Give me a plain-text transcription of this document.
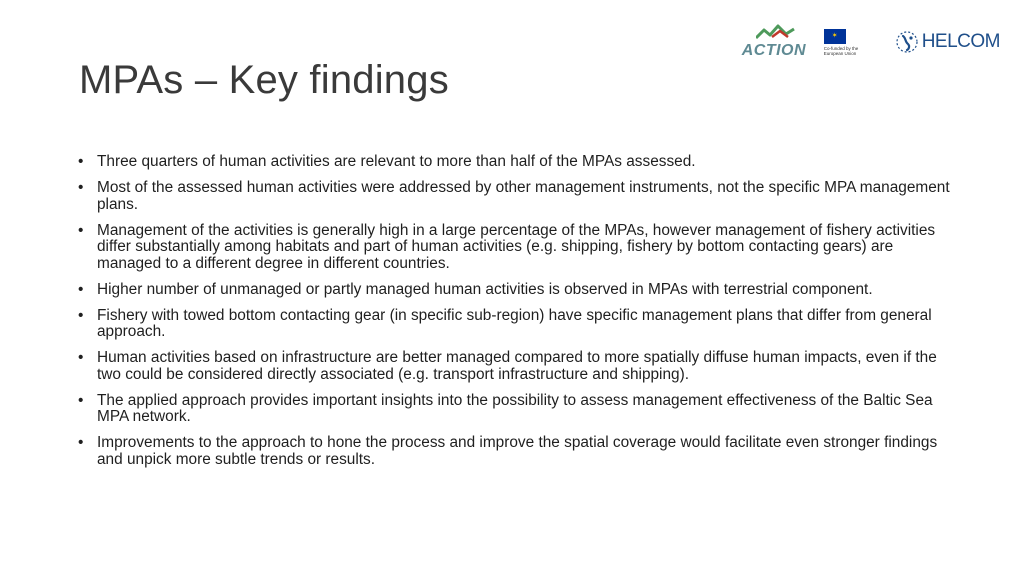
ACTION
✶
Co-funded by the European Union
HELCOM
MPAs – Key findings
• Three quarters of human activities are relevant to more than half of the MPAs assessed.
• Most of the assessed human activities were addressed by other management instruments, not the specific MPA management plans.
• Management of the activities is generally high in a large percentage of the MPAs, however management of fishery activities differ substantially among habitats and part of human activities (e.g. shipping, fishery by bottom contacting gears) are managed to a different degree in different countries.
• Higher number of unmanaged or partly managed human activities is observed in MPAs with terrestrial component.
• Fishery with towed bottom contacting gear (in specific sub-region) have specific management plans that differ from general approach.
• Human activities based on infrastructure are better managed compared to more spatially diffuse human impacts, even if the two could be considered directly associated (e.g. transport infrastructure and shipping).
• The applied approach provides important insights into the possibility to assess management effectiveness of the Baltic Sea MPA network.
• Improvements to the approach to hone the process and improve the spatial coverage would facilitate even stronger findings and unpick more subtle trends or results.
